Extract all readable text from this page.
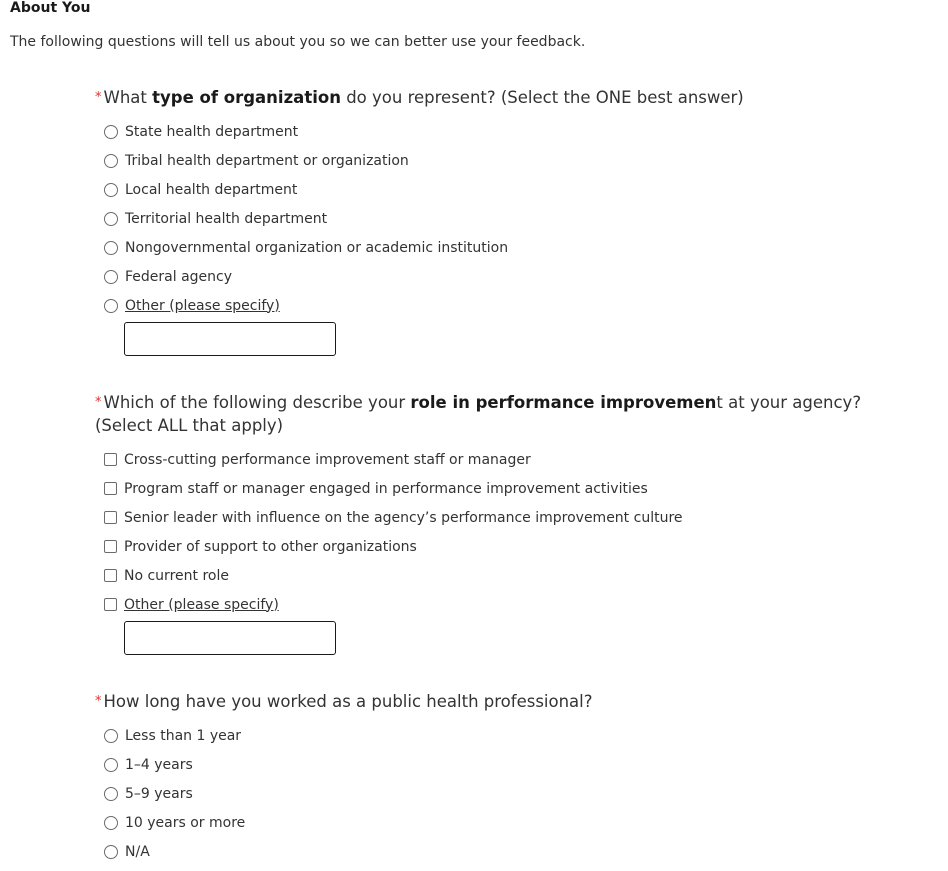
About You
The following questions will tell us about you so we can better use your feedback.
* What type of organization do you represent? (Select the ONE best answer)
State health department
Tribal health department or organization
Local health department
Territorial health department
Nongovernmental organization or academic institution
Federal agency
Other (please specify)
* Which of the following describe your role in performance improvement at your agency? (Select ALL that apply)
Cross-cutting performance improvement staff or manager
Program staff or manager engaged in performance improvement activities
Senior leader with influence on the agency’s performance improvement culture
Provider of support to other organizations
No current role
Other (please specify)
* How long have you worked as a public health professional?
Less than 1 year
1–4 years
5–9 years
10 years or more
N/A
